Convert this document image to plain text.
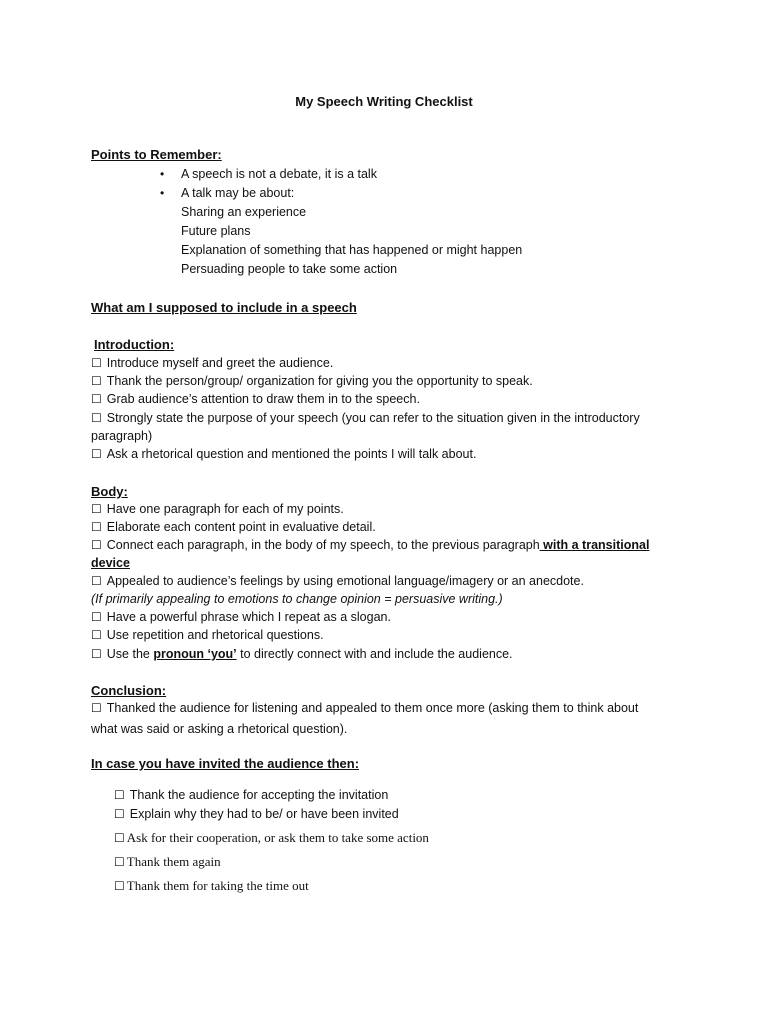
My Speech Writing Checklist
Points to Remember:
• A speech is not a debate, it is a talk
• A talk may be about:
Sharing an experience
Future plans
Explanation of something that has happened or might happen
Persuading people to take some action
What am I supposed to include in a speech
Introduction:
☐ Introduce myself and greet the audience.
☐ Thank the person/group/ organization for giving you the opportunity to speak.
☐ Grab audience’s attention to draw them in to the speech.
☐ Strongly state the purpose of your speech (you can refer to the situation given in the introductory
paragraph)
☐ Ask a rhetorical question and mentioned the points I will talk about.
Body:
☐ Have one paragraph for each of my points.
☐ Elaborate each content point in evaluative detail.
☐ Connect each paragraph, in the body of my speech, to the previous paragraph with a transitional
device
☐ Appealed to audience’s feelings by using emotional language/imagery or an anecdote.
(If primarily appealing to emotions to change opinion = persuasive writing.)
☐ Have a powerful phrase which I repeat as a slogan.
☐ Use repetition and rhetorical questions.
☐ Use the pronoun ‘you’ to directly connect with and include the audience.
Conclusion:
☐ Thanked the audience for listening and appealed to them once more (asking them to think about
what was said or asking a rhetorical question).
In case you have invited the audience then:
☐ Thank the audience for accepting the invitation
☐ Explain why they had to be/ or have been invited
☐ Ask for their cooperation, or ask them to take some action
☐ Thank them again
☐ Thank them for taking the time out
